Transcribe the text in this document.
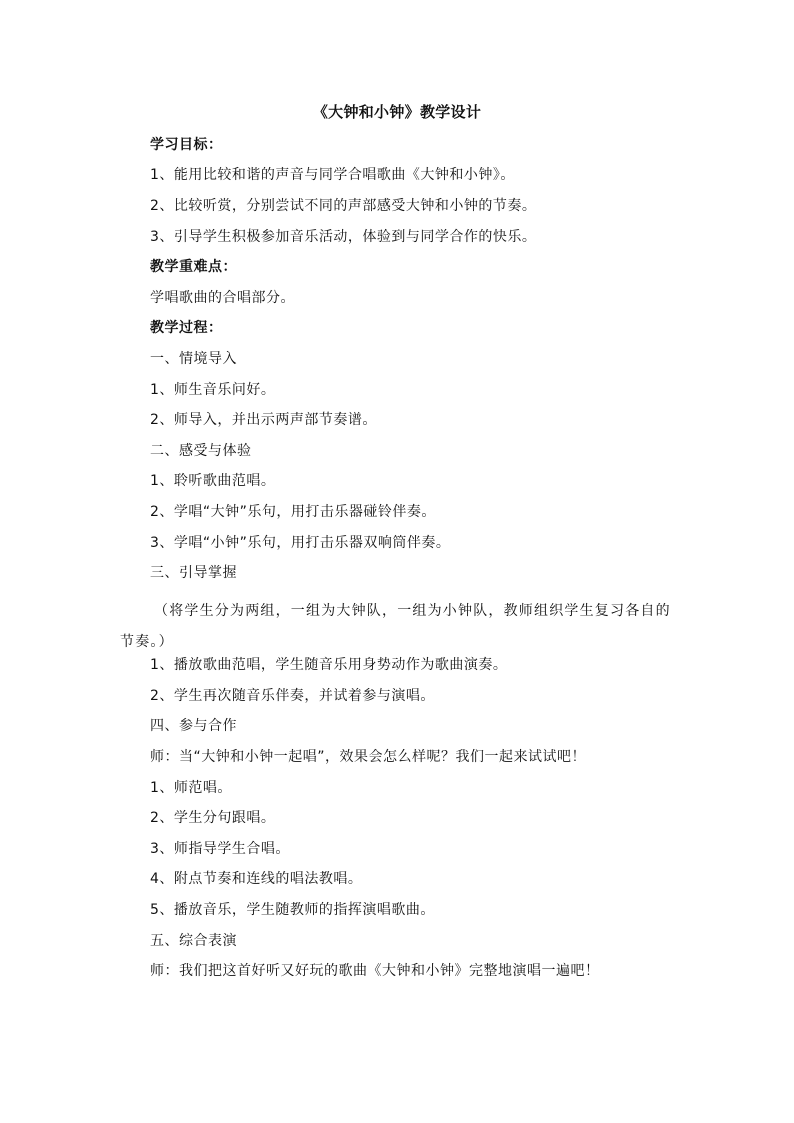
《大钟和小钟》教学设计
学习目标：
1、能用比较和谐的声音与同学合唱歌曲《大钟和小钟》。
2、比较听赏，分别尝试不同的声部感受大钟和小钟的节奏。
3、引导学生积极参加音乐活动，体验到与同学合作的快乐。
教学重难点：
学唱歌曲的合唱部分。
教学过程：
一、情境导入
1、师生音乐问好。
2、师导入，并出示两声部节奏谱。
二、感受与体验
1、聆听歌曲范唱。
2、学唱“大钟”乐句，用打击乐器碰铃伴奏。
3、学唱“小钟”乐句，用打击乐器双响筒伴奏。
三、引导掌握
（将学生分为两组，一组为大钟队，一组为小钟队，教师组织学生复习各自的节奏。）
1、播放歌曲范唱，学生随音乐用身势动作为歌曲演奏。
2、学生再次随音乐伴奏，并试着参与演唱。
四、参与合作
师：当“大钟和小钟一起唱”，效果会怎么样呢？我们一起来试试吧！
1、师范唱。
2、学生分句跟唱。
3、师指导学生合唱。
4、附点节奏和连线的唱法教唱。
5、播放音乐，学生随教师的指挥演唱歌曲。
五、综合表演
师：我们把这首好听又好玩的歌曲《大钟和小钟》完整地演唱一遍吧！
